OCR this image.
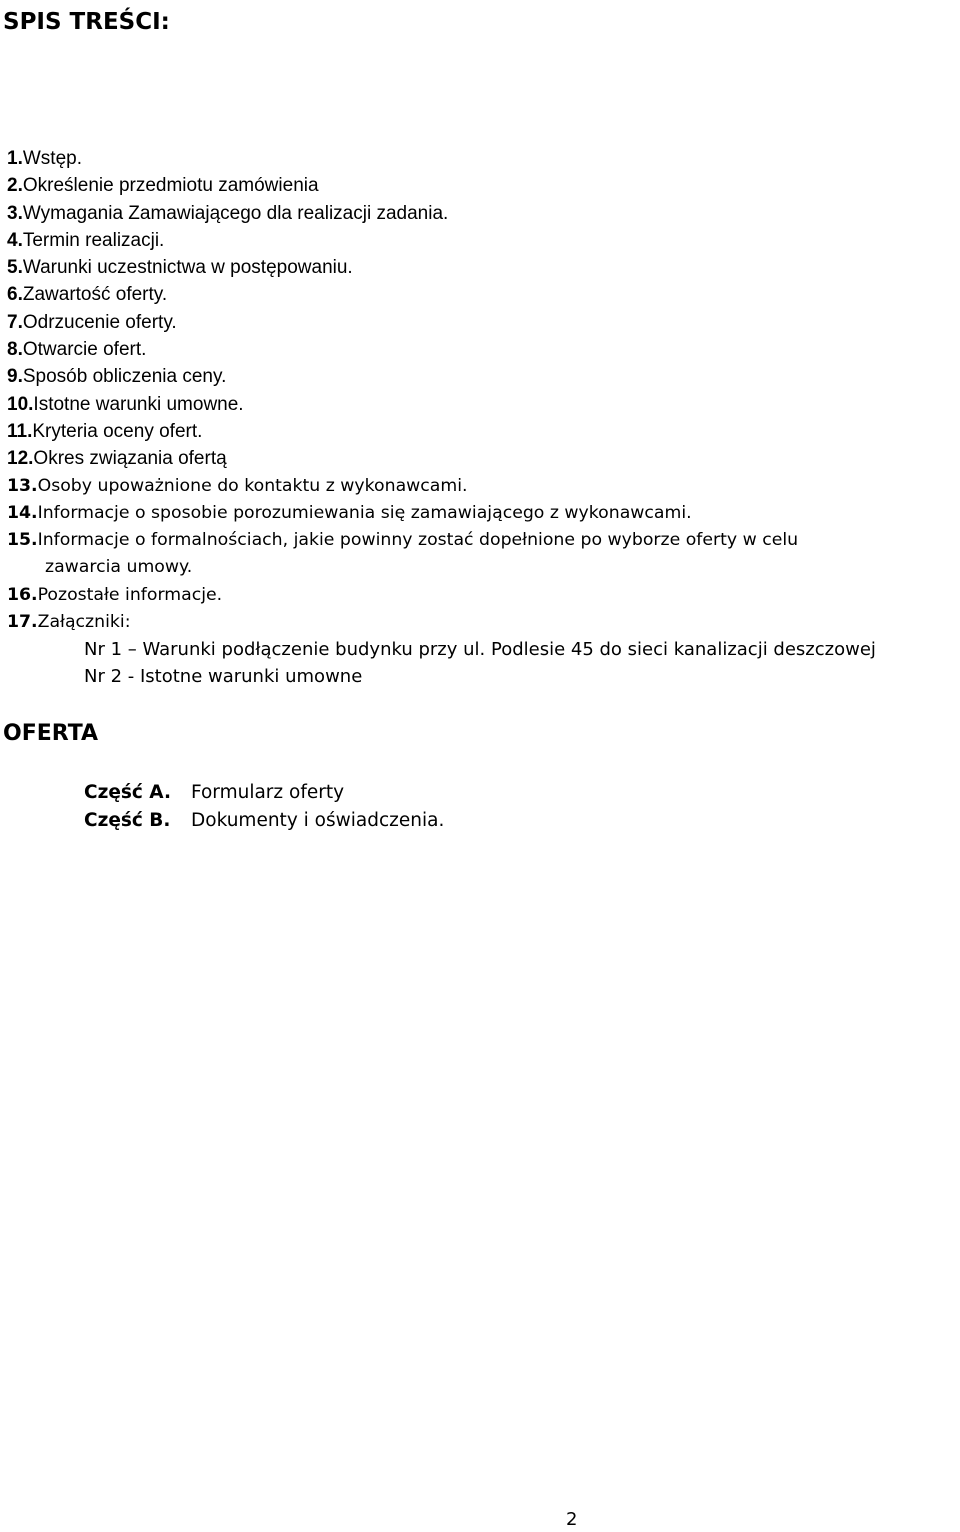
SPIS TREŚCI:
1. Wstęp.
2. Określenie przedmiotu zamówienia
3. Wymagania Zamawiającego dla realizacji zadania.
4. Termin realizacji.
5. Warunki uczestnictwa w postępowaniu.
6. Zawartość oferty.
7. Odrzucenie oferty.
8. Otwarcie ofert.
9. Sposób obliczenia ceny.
10. Istotne warunki umowne.
11. Kryteria oceny ofert.
12. Okres związania ofertą
13. Osoby upoważnione do kontaktu z wykonawcami.
14. Informacje o sposobie porozumiewania się zamawiającego z wykonawcami.
15. Informacje o formalnościach, jakie powinny zostać dopełnione po wyborze oferty w celu
zawarcia umowy.
16. Pozostałe informacje.
17. Załączniki:
Nr 1 – Warunki podłączenie budynku przy ul. Podlesie 45 do sieci kanalizacji deszczowej
Nr 2 - Istotne warunki umowne
OFERTA
Część A.	Formularz oferty
Część B.	Dokumenty i oświadczenia.
2
